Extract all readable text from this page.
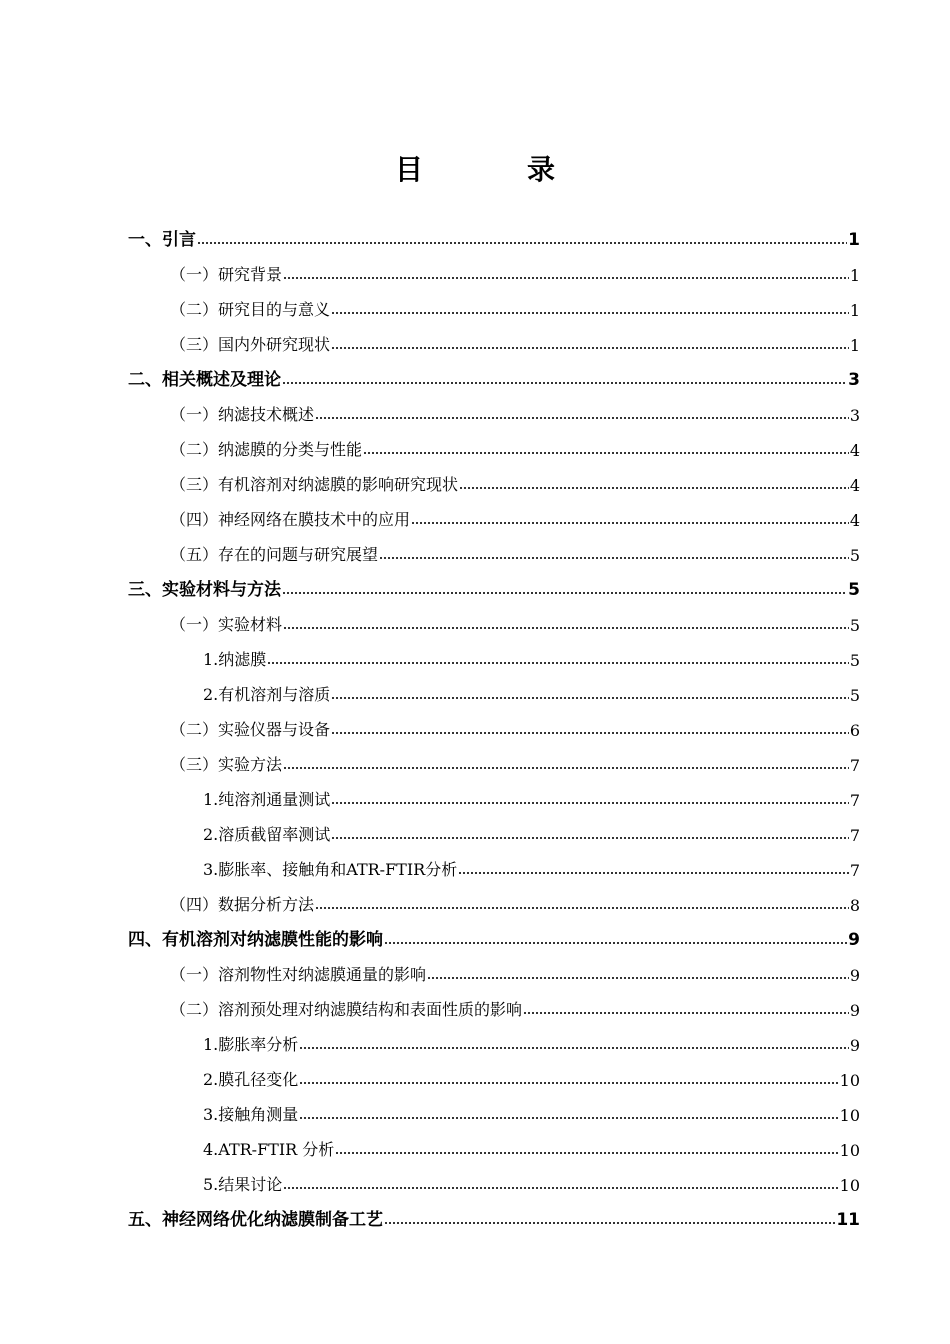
目　录
一、引言	1
（一）研究背景	1
（二）研究目的与意义	1
（三）国内外研究现状	1
二、相关概述及理论	3
（一）纳滤技术概述	3
（二）纳滤膜的分类与性能	4
（三）有机溶剂对纳滤膜的影响研究现状	4
（四）神经网络在膜技术中的应用	4
（五）存在的问题与研究展望	5
三、实验材料与方法	5
（一）实验材料	5
1.纳滤膜	5
2.有机溶剂与溶质	5
（二）实验仪器与设备	6
（三）实验方法	7
1.纯溶剂通量测试	7
2.溶质截留率测试	7
3.膨胀率、接触角和ATR-FTIR分析	7
（四）数据分析方法	8
四、有机溶剂对纳滤膜性能的影响	9
（一）溶剂物性对纳滤膜通量的影响	9
（二）溶剂预处理对纳滤膜结构和表面性质的影响	9
1.膨胀率分析	9
2.膜孔径变化	10
3.接触角测量	10
4.ATR-FTIR 分析	10
5.结果讨论	10
五、神经网络优化纳滤膜制备工艺	11
